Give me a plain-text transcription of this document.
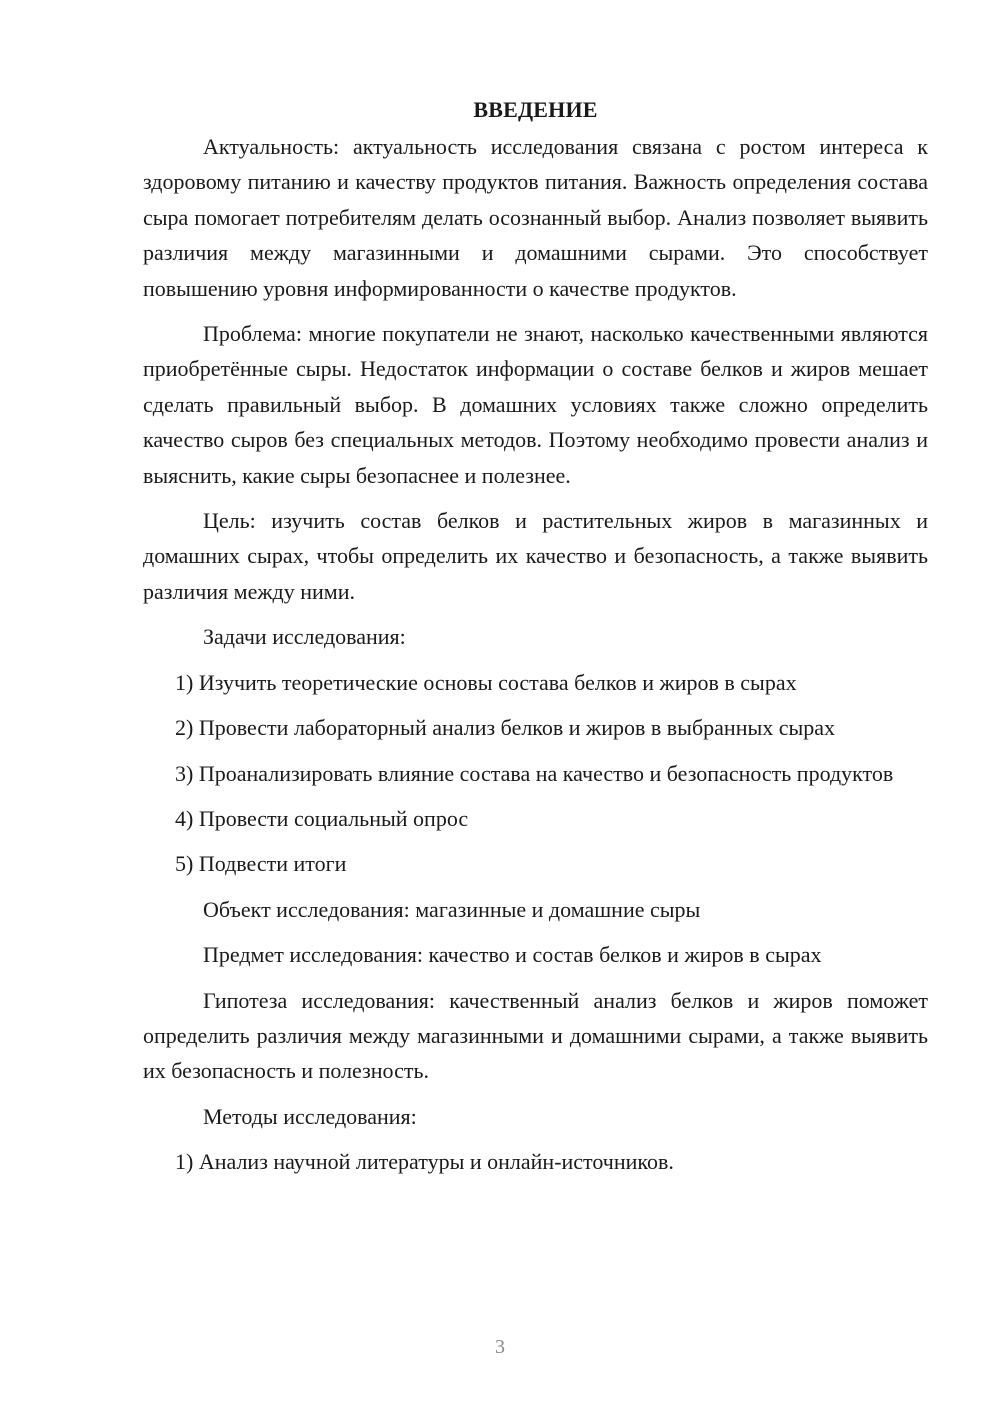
ВВЕДЕНИЕ

Актуальность: актуальность исследования связана с ростом интереса к здоровому питанию и качеству продуктов питания. Важность определения состава сыра помогает потребителям делать осознанный выбор. Анализ позволяет выявить различия между магазинными и домашними сырами. Это способствует повышению уровня информированности о качестве продуктов.

Проблема: многие покупатели не знают, насколько качественными являются приобретённые сыры. Недостаток информации о составе белков и жиров мешает сделать правильный выбор. В домашних условиях также сложно определить качество сыров без специальных методов. Поэтому необходимо провести анализ и выяснить, какие сыры безопаснее и полезнее.

Цель: изучить состав белков и растительных жиров в магазинных и домашних сырах, чтобы определить их качество и безопасность, а также выявить различия между ними.

Задачи исследования:

1) Изучить теоретические основы состава белков и жиров в сырах

2) Провести лабораторный анализ белков и жиров в выбранных сырах

3) Проанализировать влияние состава на качество и безопасность продуктов

4) Провести социальный опрос

5) Подвести итоги

Объект исследования: магазинные и домашние сыры

Предмет исследования: качество и состав белков и жиров в сырах

Гипотеза исследования: качественный анализ белков и жиров поможет определить различия между магазинными и домашними сырами, а также выявить их безопасность и полезность.

Методы исследования:

1) Анализ научной литературы и онлайн-источников.

3
